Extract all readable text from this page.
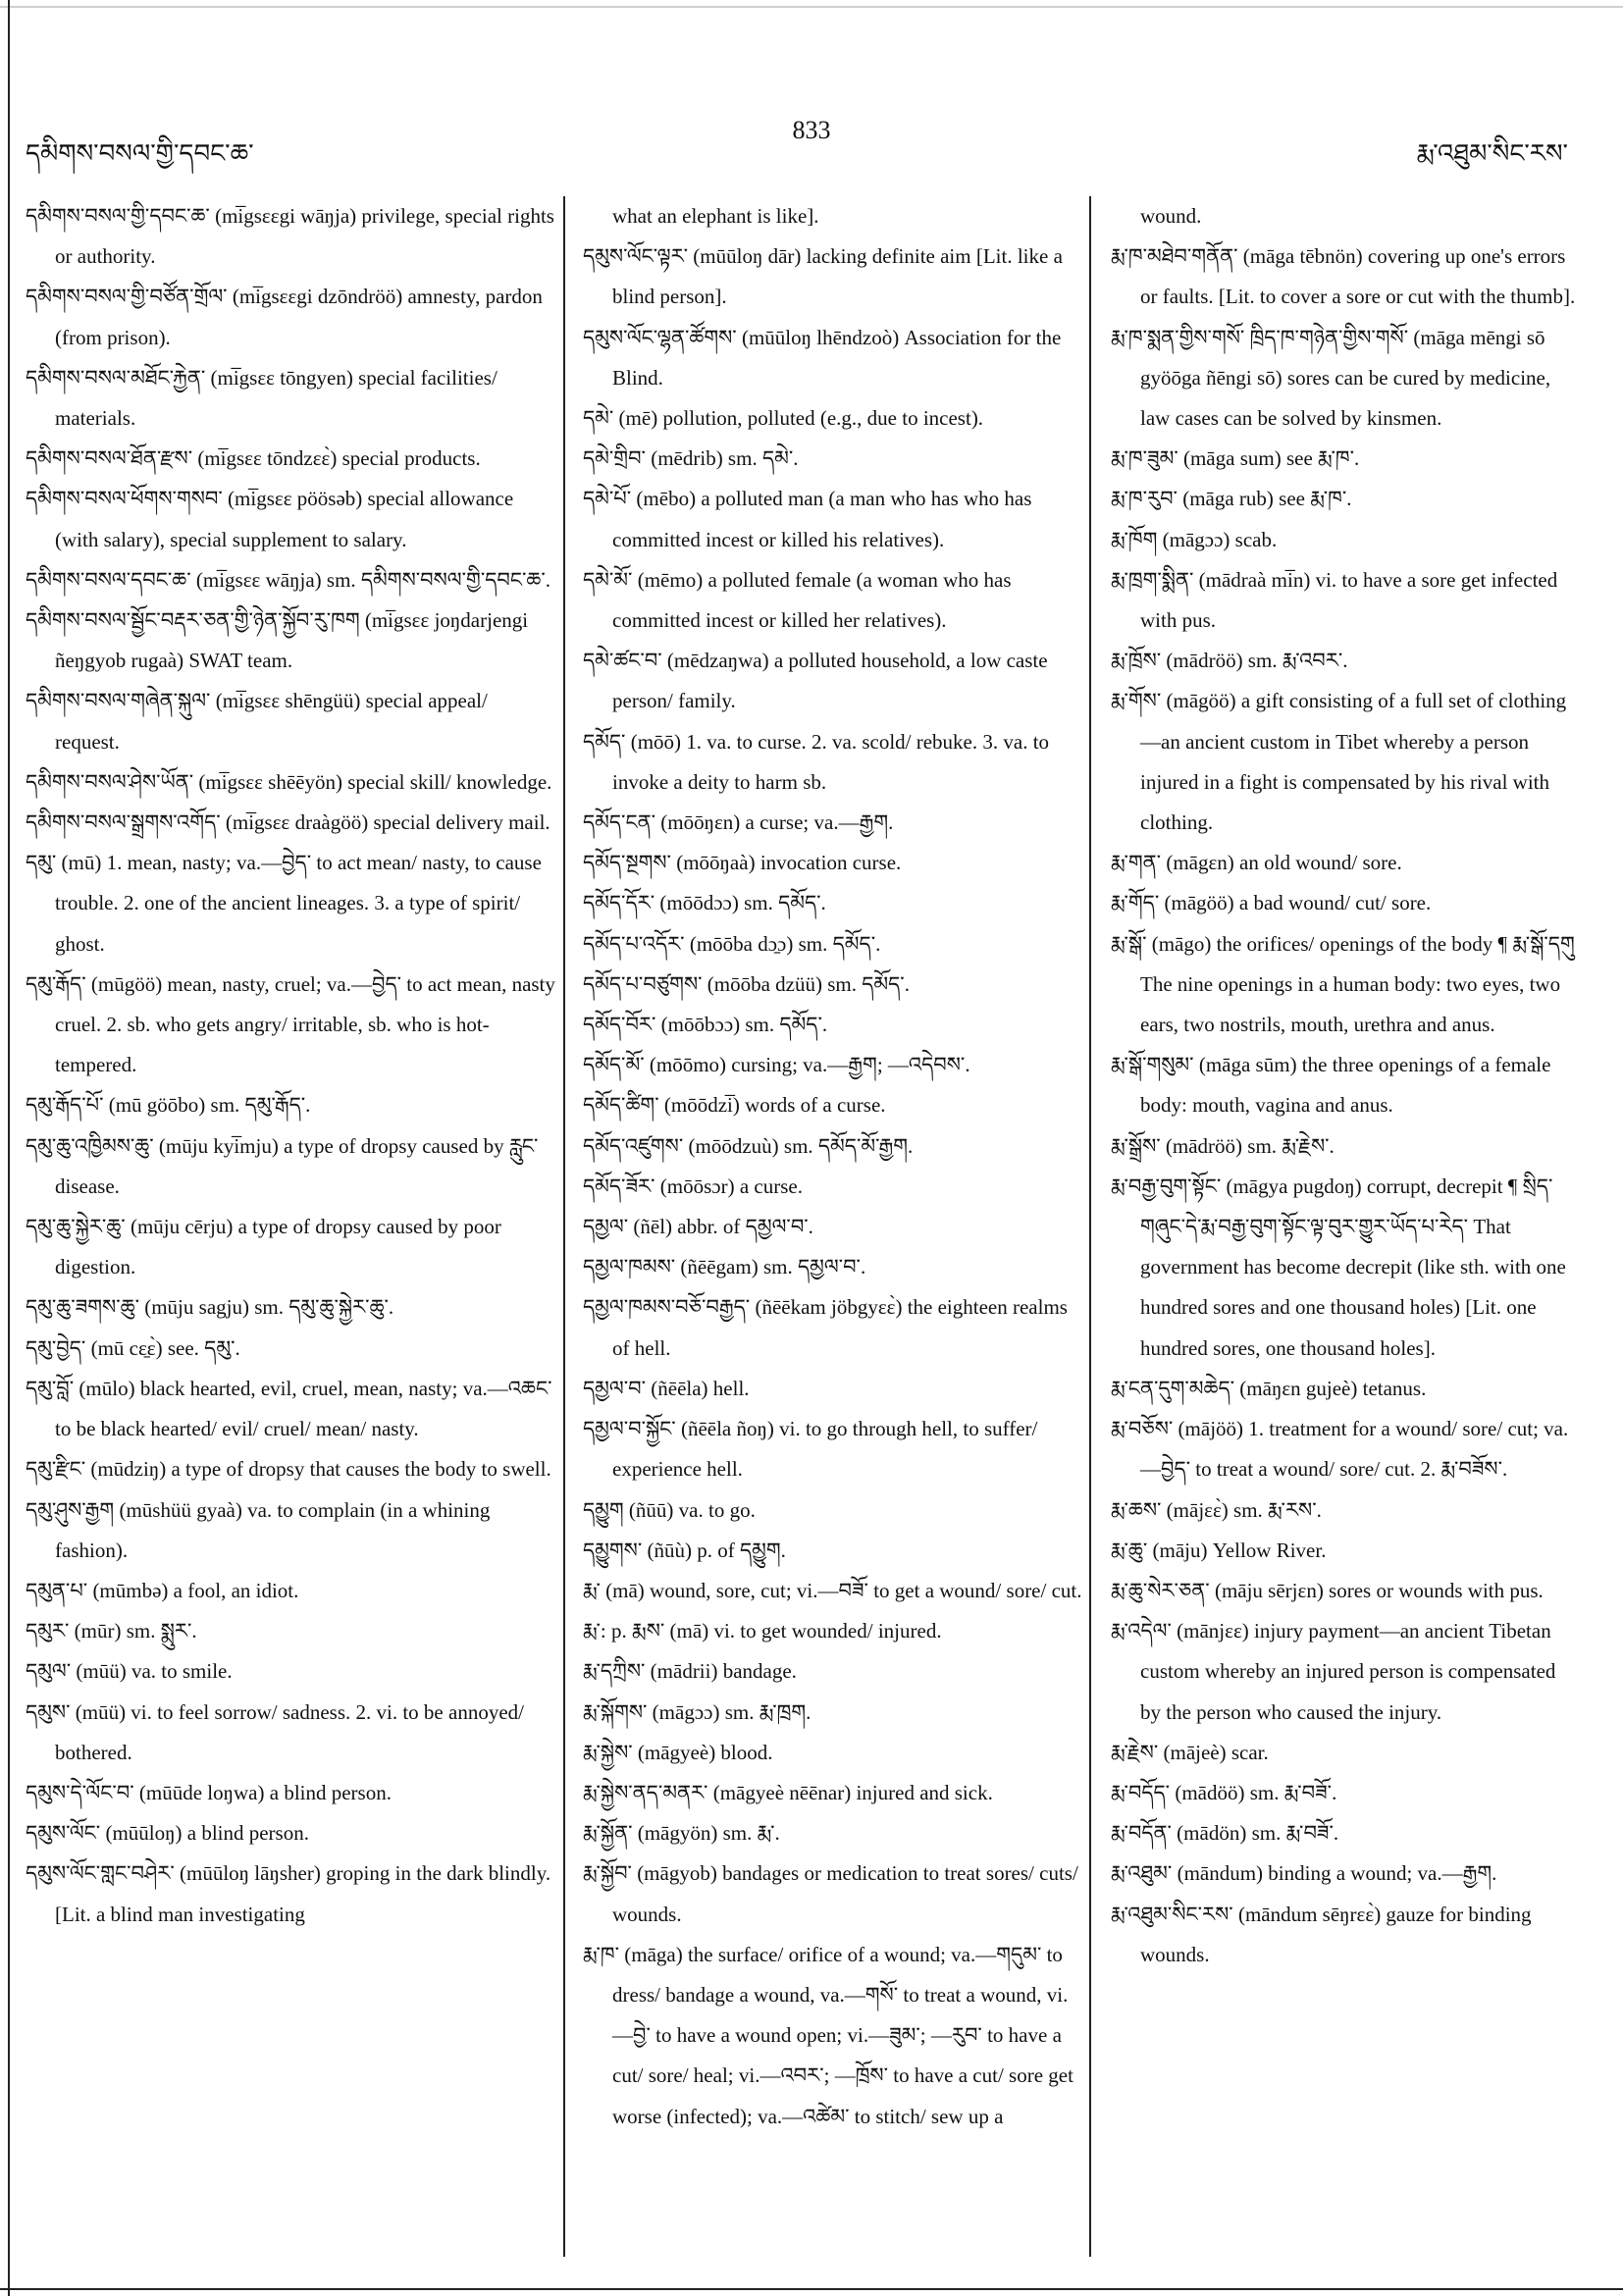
དམིགས་བསལ་གྱི་དབང་ཆ་
833
རྨ་འཐུམ་སིང་རས་
དམིགས་བསལ་གྱི་དབང་ཆ་ (mi̅gsɛɛgi wāŋja) privilege, special rights or authority.
དམིགས་བསལ་གྱི་བཙོན་གྲོལ་ (mi̅gsɛɛgi dzōndröö) amnesty, pardon (from prison).
དམིགས་བསལ་མཐོང་རྐྱེན་ (mi̅gsɛɛ tōngyen) special facilities/ materials.
དམིགས་བསལ་ཐོན་རྫས་ (mi̅gsɛɛ tōndzɛɛ̀) special products.
དམིགས་བསལ་ཕོགས་གསབ་ (mi̅gsɛɛ pöösəb) special allowance (with salary), special supplement to salary.
དམིགས་བསལ་དབང་ཆ་ (mi̅gsɛɛ wāŋja) sm. དམིགས་བསལ་གྱི་དབང་ཆ་.
དམིགས་བསལ་སྦྱོང་བརྡར་ཅན་གྱི་ཉེན་སྐྱོབ་རུ་ཁག (mi̅gsɛɛ joŋdarjengi ñeŋgyob rugaà) SWAT team.
དམིགས་བསལ་གཞེན་སྐུལ་ (mi̅gsɛɛ shēngüü) special appeal/ request.
དམིགས་བསལ་ཤེས་ཡོན་ (mi̅gsɛɛ shēēyön) special skill/ knowledge.
དམིགས་བསལ་སྒྲགས་འགོད་ (mi̅gsɛɛ draàgöö) special delivery mail.
དམུ་ (mū) 1. mean, nasty; va.—བྱེད་ to act mean/ nasty, to cause trouble. 2. one of the ancient lineages. 3. a type of spirit/ ghost.
དམུ་རྒོད་ (mūgöö) mean, nasty, cruel; va.—བྱེད་ to act mean, nasty cruel. 2. sb. who gets angry/ irritable, sb. who is hot-tempered.
དམུ་རྒོད་པོ་ (mū göōbo) sm. དམུ་རྒོད་.
དམུ་ཆུ་འཁྱིམས་ཆུ་ (mūju kyi̅mju) a type of dropsy caused by རླུང་ disease.
དམུ་ཆུ་སྐྱེར་ཆུ་ (mūju cērju) a type of dropsy caused by poor digestion.
དམུ་ཆུ་ཟགས་ཆུ་ (mūju sagju) sm. དམུ་ཆུ་སྐྱེར་ཆུ་.
དམུ་བྱེད་ (mū cɛ̱ɛ̀) see. དམུ་.
དམུ་བློ་ (mūlo) black hearted, evil, cruel, mean, nasty; va.—འཆང་ to be black hearted/ evil/ cruel/ mean/ nasty.
དམུ་རྫིང་ (mūdziŋ) a type of dropsy that causes the body to swell.
དམུ་ཤུས་རྒྱག (mūshüü gyaà) va. to complain (in a whining fashion).
དམུན་པ་ (mūmbə) a fool, an idiot.
དམུར་ (mūr) sm. སྨུར་.
དམུལ་ (mūü) va. to smile.
དམུས་ (mūü) vi. to feel sorrow/ sadness. 2. vi. to be annoyed/ bothered.
དམུས་དེ་ལོང་བ་ (mūūde loŋwa) a blind person.
དམུས་ལོང་ (mūūloŋ) a blind person.
དམུས་ལོང་གླང་བཤེར་ (mūūloŋ lāŋsher) groping in the dark blindly.[Lit. a blind man investigating
what an elephant is like].
དམུས་ལོང་ལྟར་ (mūūloŋ dār) lacking definite aim [Lit. like a blind person].
དམུས་ལོང་ལྷན་ཚོགས་ (mūūloŋ lhēndzoò) Association for the Blind.
དམེ་ (mē) pollution, polluted (e.g., due to incest).
དམེ་གྲིབ་ (mēdrib) sm. དམེ་.
དམེ་པོ་ (mēbo) a polluted man (a man who has who has committed incest or killed his relatives).
དམེ་མོ་ (mēmo) a polluted female (a woman who has committed incest or killed her relatives).
དམེ་ཚང་བ་ (mēdzaŋwa) a polluted household, a low caste person/ family.
དམོད་ (mōō) 1. va. to curse. 2. va. scold/ rebuke. 3. va. to invoke a deity to harm sb.
དམོད་ངན་ (mōōŋɛn) a curse; va.—རྒྱག.
དམོད་སྔགས་ (mōōŋaà) invocation curse.
དམོད་དོར་ (mōōdɔɔ) sm. དམོད་.
དམོད་པ་འདོར་ (mōōba dɔ̱ɔ) sm. དམོད་.
དམོད་པ་བཙུགས་ (mōōba dzüü) sm. དམོད་.
དམོད་བོར་ (mōōbɔɔ) sm. དམོད་.
དམོད་མོ་ (mōōmo) cursing; va.—རྒྱག; —འདེབས་.
དམོད་ཚིག་ (mōōdzi̅) words of a curse.
དམོད་འཛུགས་ (mōōdzuù) sm. དམོད་མོ་རྒྱག.
དམོད་ཟོར་ (mōōsɔr) a curse.
དམྱལ་ (ñēl) abbr. of དམྱལ་བ་.
དམྱལ་ཁམས་ (ñēēgam) sm. དམྱལ་བ་.
དམྱལ་ཁམས་བཅོ་བརྒྱད་ (ñēēkam jöbgyɛɛ̀) the eighteen realms of hell.
དམྱལ་བ་ (ñēēla) hell.
དམྱལ་བ་སྐྱོང་ (ñēēla ñoŋ) vi. to go through hell, to suffer/ experience hell.
དམྱུག (ñūū) va. to go.
དམྱུགས་ (ñūù) p. of དམྱུག.
རྨ་ (mā) wound, sore, cut; vi.—བཟོ་ to get a wound/ sore/ cut.
རྨ་: p. རྨས་ (mā) vi. to get wounded/ injured.
རྨ་དཀྲིས་ (mādrii) bandage.
རྨ་སྐོགས་ (māgɔɔ) sm. རྨ་ཁྲག.
རྨ་སྐྱེས་ (māgyeè) blood.
རྨ་སྐྱེས་ནད་མནར་ (māgyeè nēēnar) injured and sick.
རྨ་སྐྱོན་ (māgyön) sm. རྨ་.
རྨ་སྐྱོབ་ (māgyob) bandages or medication to treat sores/ cuts/ wounds.
རྨ་ཁ་ (māga) the surface/ orifice of a wound; va.—གདུམ་ to dress/ bandage a wound, va.—གསོ་ to treat a wound, vi.—བྱེ་ to have a wound open; vi.—ཟུམ་; —རུབ་ to have a cut/ sore/ heal; vi.—འབར་; —ཁྲོས་ to have a cut/ sore get worse (infected); va.—འཚེམ་ to stitch/ sew up a
wound.
རྨ་ཁ་མཐེབ་གནོན་ (māga tēbnön) covering up one's errors or faults. [Lit. to cover a sore or cut with the thumb].
རྨ་ཁ་སྨན་གྱིས་གསོ་ ཁྲིད་ཁ་གཉེན་གྱིས་གསོ་ (māga mēngi sō gyöōga ñēngi sō) sores can be cured by medicine, law cases can be solved by kinsmen.
རྨ་ཁ་ཟུམ་ (māga sum) see རྨ་ཁ་.
རྨ་ཁ་རུབ་ (māga rub) see རྨ་ཁ་.
རྨ་ཁོག (māgɔɔ) scab.
རྨ་ཁྲག་སྨིན་ (mādraà mi̅n) vi. to have a sore get infected with pus.
རྨ་ཁྲོས་ (mādröö) sm. རྨ་འབར་.
རྨ་གོས་ (māgöö) a gift consisting of a full set of clothing—an ancient custom in Tibet whereby a person injured in a fight is compensated by his rival with clothing.
རྨ་གན་ (māgɛn) an old wound/ sore.
རྨ་གོད་ (māgöö) a bad wound/ cut/ sore.
རྨ་སྒོ་ (māgo) the orifices/ openings of the body ¶ རྨ་སྒོ་དགུ The nine openings in a human body: two eyes, two ears, two nostrils, mouth, urethra and anus.
རྨ་སྒོ་གསུམ་ (māga sūm) the three openings of a female body: mouth, vagina and anus.
རྨ་སྒྲོས་ (mādröö) sm. རྨ་རྗེས་.
རྨ་བརྒྱ་བུག་སྟོང་ (māgya pugdoŋ) corrupt, decrepit ¶ སྲིད་གཞུང་དེ་རྨ་བརྒྱ་བུག་སྟོང་ལྟ་བུར་གྱུར་ཡོད་པ་རེད་ That government has become decrepit (like sth. with one hundred sores and one thousand holes) [Lit. one hundred sores, one thousand holes].
རྨ་ངན་དུག་མཆེད་ (māŋɛn gujeè) tetanus.
རྨ་བཅོས་ (mājöö) 1. treatment for a wound/ sore/ cut; va.—བྱེད་ to treat a wound/ sore/ cut. 2. རྨ་བཟོས་.
རྨ་ཆས་ (mājɛɛ̀) sm. རྨ་རས་.
རྨ་ཆུ་ (māju) Yellow River.
རྨ་ཆུ་སེར་ཅན་ (māju sērjɛn) sores or wounds with pus.
རྨ་འདེལ་ (mānjɛɛ) injury payment—an ancient Tibetan custom whereby an injured person is compensated by the person who caused the injury.
རྨ་རྗེས་ (mājeè) scar.
རྨ་བདོད་ (mādöö) sm. རྨ་བཟོ་.
རྨ་བདོན་ (mādön) sm. རྨ་བཟོ་.
རྨ་འཐུམ་ (māndum) binding a wound; va.—རྒྱག.
རྨ་འཐུམ་སིང་རས་ (māndum sēŋrɛɛ̀) gauze for binding wounds.
